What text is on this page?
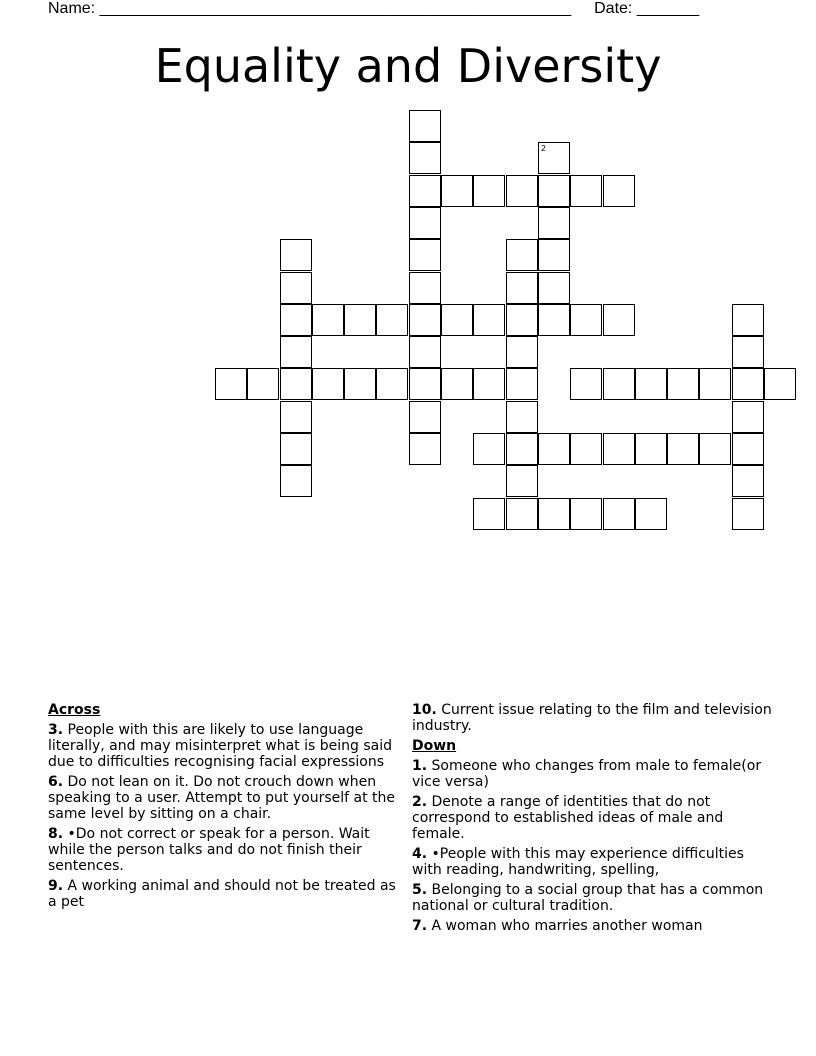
Name: _____________________________________________________ Date: _______
Equality and Diversity
2
Across
3. People with this are likely to use language literally, and may misinterpret what is being said due to difficulties recognising facial expressions
6. Do not lean on it. Do not crouch down when speaking to a user. Attempt to put yourself at the same level by sitting on a chair.
8. •Do not correct or speak for a person. Wait while the person talks and do not finish their sentences.
9. A working animal and should not be treated as a pet
10. Current issue relating to the film and television industry.
Down
1. Someone who changes from male to female(or vice versa)
2. Denote a range of identities that do not correspond to established ideas of male and female.
4. •People with this may experience difficulties with reading, handwriting, spelling,
5. Belonging to a social group that has a common national or cultural tradition.
7. A woman who marries another woman
